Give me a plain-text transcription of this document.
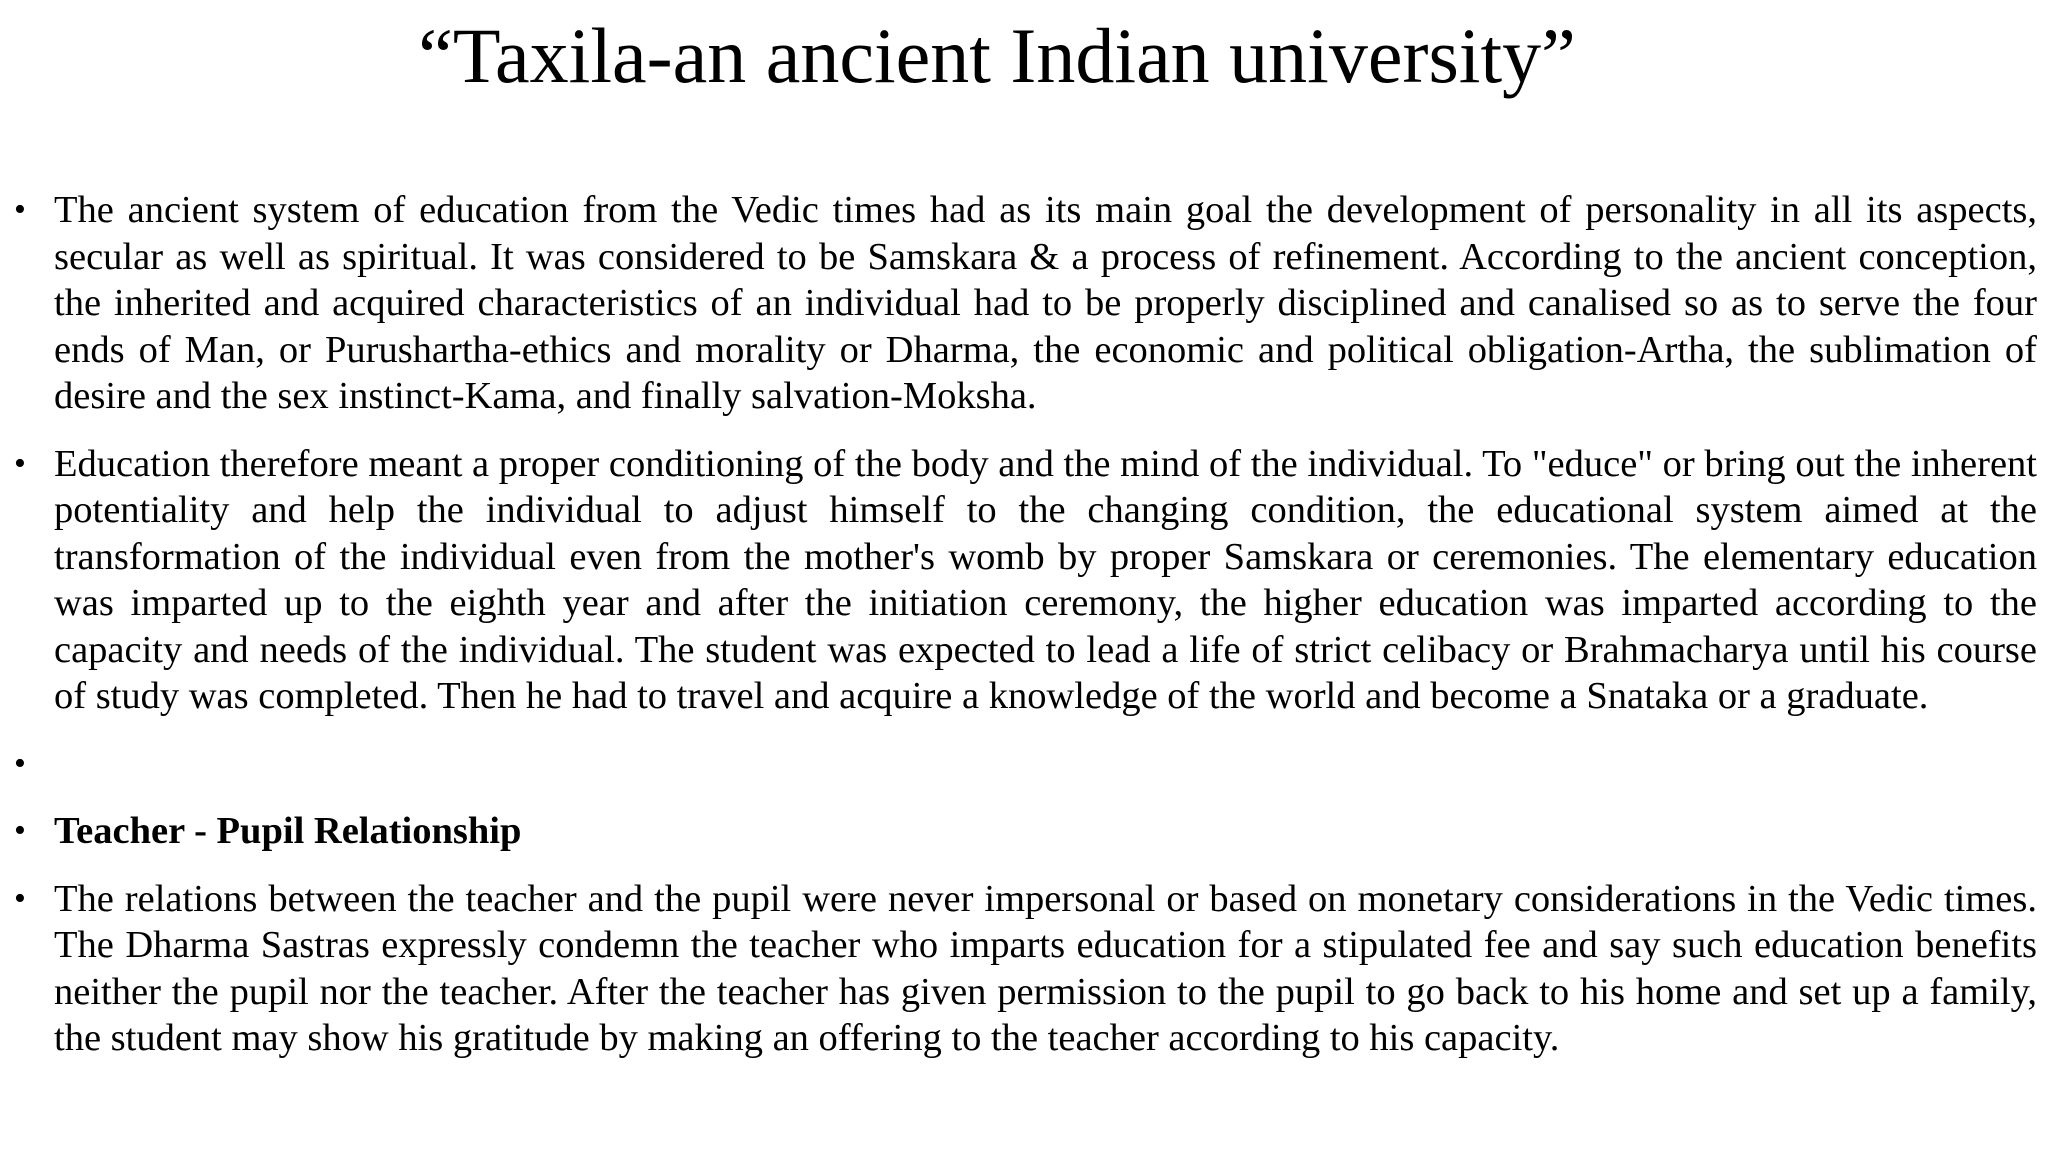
“Taxila-an ancient Indian university”
• The ancient system of education from the Vedic times had as its main goal the development of personality in all its aspects, secular as well as spiritual. It was considered to be Samskara & a process of refinement. According to the ancient conception, the inherited and acquired characteristics of an individual had to be properly disciplined and canalised so as to serve the four ends of Man, or Purushartha-ethics and morality or Dharma, the economic and political obligation-Artha, the sublimation of desire and the sex instinct-Kama, and finally salvation-Moksha.
• Education therefore meant a proper conditioning of the body and the mind of the individual. To "educe" or bring out the inherent potentiality and help the individual to adjust himself to the changing condition, the educational system aimed at the transformation of the individual even from the mother's womb by proper Samskara or ceremonies. The elementary education was imparted up to the eighth year and after the initiation ceremony, the higher education was imparted according to the capacity and needs of the individual. The student was expected to lead a life of strict celibacy or Brahmacharya until his course of study was completed. Then he had to travel and acquire a knowledge of the world and become a Snataka or a graduate.
•
• Teacher - Pupil Relationship
• The relations between the teacher and the pupil were never impersonal or based on monetary considerations in the Vedic times. The Dharma Sastras expressly condemn the teacher who imparts education for a stipulated fee and say such education benefits neither the pupil nor the teacher. After the teacher has given permission to the pupil to go back to his home and set up a family, the student may show his gratitude by making an offering to the teacher according to his capacity.
